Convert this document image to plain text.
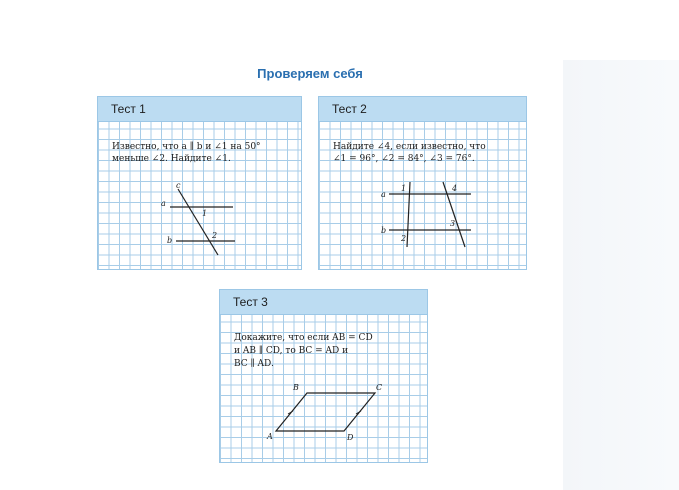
Проверяем себя
Тест 1
Известно, что a ∥ b и ∠1 на 50°
меньше ∠2. Найдите ∠1.
c
a
b
1
2
Тест 2
Найдите ∠4, если известно, что
∠1 = 96°, ∠2 = 84°, ∠3 = 76°.
a
b
1
2
3
4
Тест 3
Докажите, что если AB = CD
и AB ∥ CD, то BC = AD и
BC ∥ AD.
A
B	C
D
